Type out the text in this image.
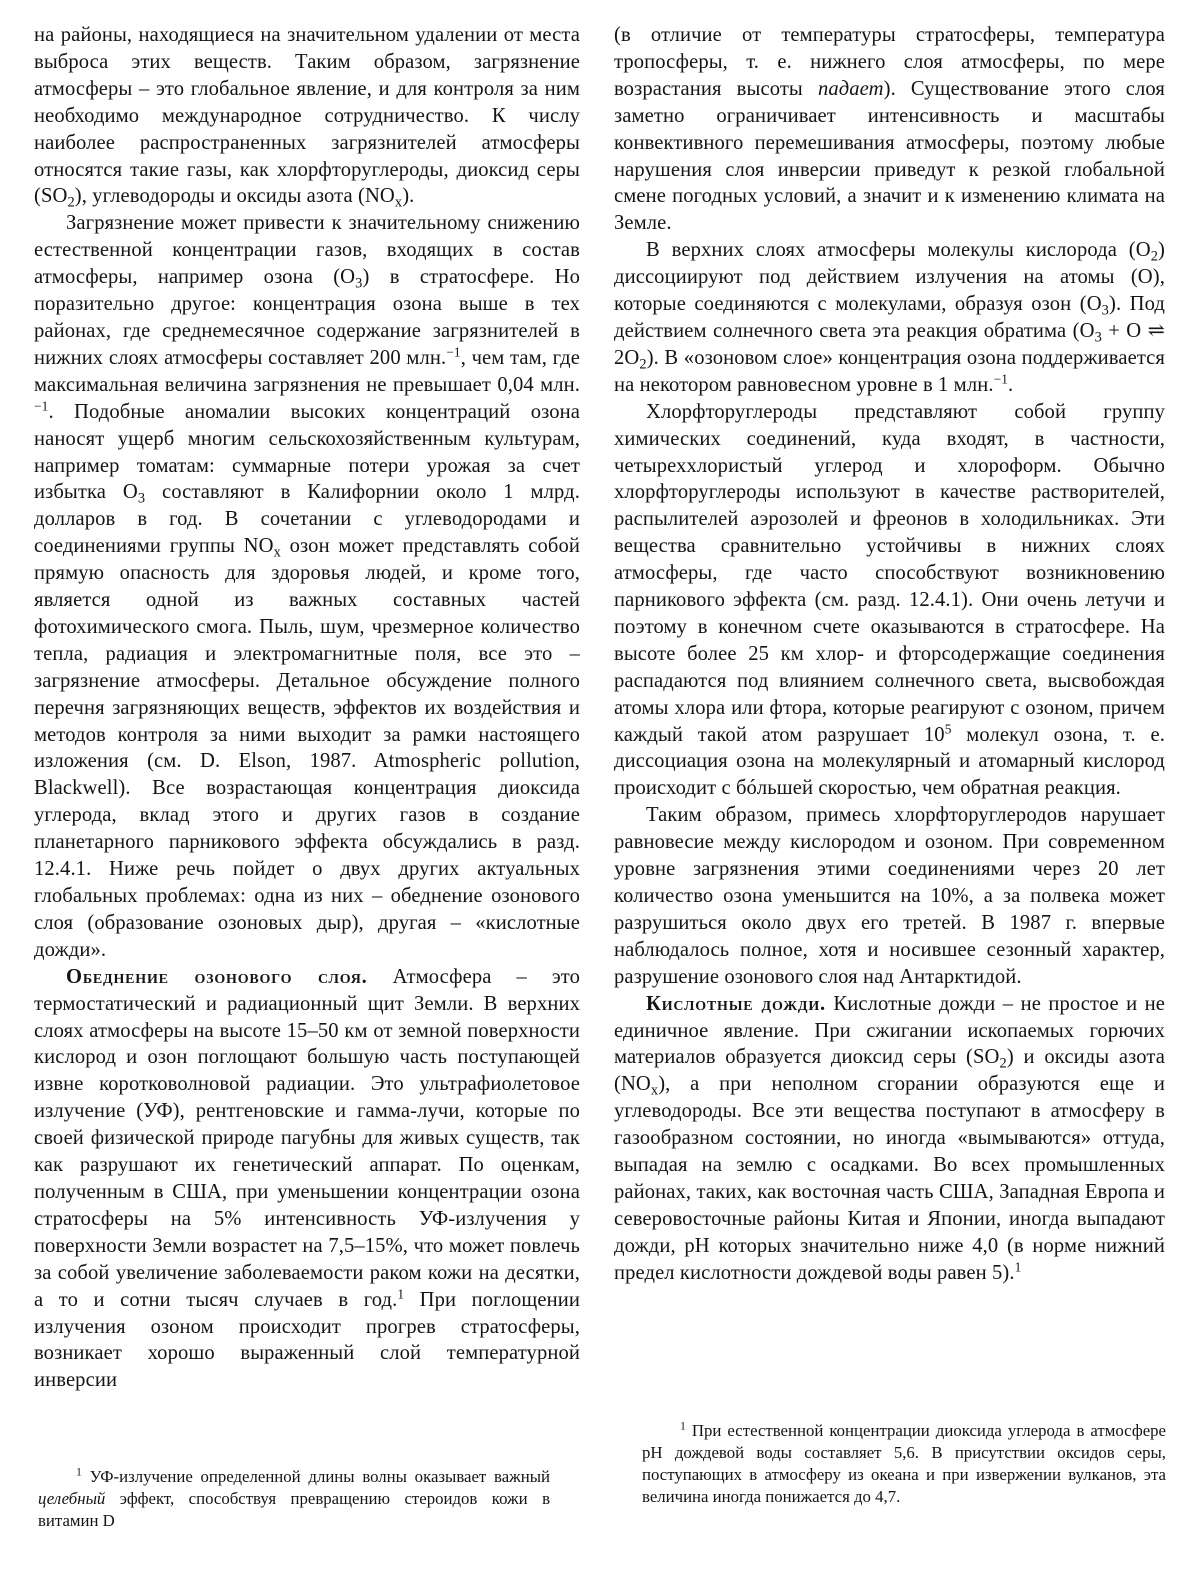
на районы, находящиеся на значительном удалении от места выброса этих веществ. Таким образом, загрязнение атмосферы – это глобальное явление, и для контроля за ним необходимо международное сотрудничество. К числу наиболее распространенных загрязнителей атмосферы относятся такие газы, как хлорфторуглероды, диоксид серы (SO2), углеводороды и оксиды азота (NOx).

Загрязнение может привести к значительному снижению естественной концентрации газов, входящих в состав атмосферы, например озона (O3) в стратосфере. Но поразительно другое: концентрация озона выше в тех районах, где среднемесячное содержание загрязнителей в нижних слоях атмосферы составляет 200 млн.−1, чем там, где максимальная величина загрязнения не превышает 0,04 млн.−1. Подобные аномалии высоких концентраций озона наносят ущерб многим сельскохозяйственным культурам, например томатам: суммарные потери урожая за счет избытка O3 составляют в Калифорнии около 1 млрд. долларов в год. В сочетании с углеводородами и соединениями группы NOx озон может представлять собой прямую опасность для здоровья людей, и кроме того, является одной из важных составных частей фотохимического смога. Пыль, шум, чрезмерное количество тепла, радиация и электромагнитные поля, все это – загрязнение атмосферы. Детальное обсуждение полного перечня загрязняющих веществ, эффектов их воздействия и методов контроля за ними выходит за рамки настоящего изложения (см. D. Elson, 1987. Atmospheric pollution, Blackwell). Все возрастающая концентрация диоксида углерода, вклад этого и других газов в создание планетарного парникового эффекта обсуждались в разд. 12.4.1. Ниже речь пойдет о двух других актуальных глобальных проблемах: одна из них – обеднение озонового слоя (образование озоновых дыр), другая – «кислотные дожди».

Обеднение озонового слоя. Атмосфера – это термостатический и радиационный щит Земли. В верхних слоях атмосферы на высоте 15–50 км от земной поверхности кислород и озон поглощают большую часть поступающей извне коротковолновой радиации. Это ультрафиолетовое излучение (УФ), рентгеновские и гамма-лучи, которые по своей физической природе пагубны для живых существ, так как разрушают их генетический аппарат. По оценкам, полученным в США, при уменьшении концентрации озона стратосферы на 5% интенсивность УФ-излучения у поверхности Земли возрастет на 7,5–15%, что может повлечь за собой увеличение заболеваемости раком кожи на десятки, а то и сотни тысяч случаев в год.1 При поглощении излучения озоном происходит прогрев стратосферы, возникает хорошо выраженный слой температурной инверсии

(в отличие от температуры стратосферы, температура тропосферы, т. е. нижнего слоя атмосферы, по мере возрастания высоты падает). Существование этого слоя заметно ограничивает интенсивность и масштабы конвективного перемешивания атмосферы, поэтому любые нарушения слоя инверсии приведут к резкой глобальной смене погодных условий, а значит и к изменению климата на Земле.

В верхних слоях атмосферы молекулы кислорода (O2) диссоциируют под действием излучения на атомы (O), которые соединяются с молекулами, образуя озон (O3). Под действием солнечного света эта реакция обратима (O3 + O ⇌ 2O2). В «озоновом слое» концентрация озона поддерживается на некотором равновесном уровне в 1 млн.−1.

Хлорфторуглероды представляют собой группу химических соединений, куда входят, в частности, четыреххлористый углерод и хлороформ. Обычно хлорфторуглероды используют в качестве растворителей, распылителей аэрозолей и фреонов в холодильниках. Эти вещества сравнительно устойчивы в нижних слоях атмосферы, где часто способствуют возникновению парникового эффекта (см. разд. 12.4.1). Они очень летучи и поэтому в конечном счете оказываются в стратосфере. На высоте более 25 км хлор- и фторсодержащие соединения распадаются под влиянием солнечного света, высвобождая атомы хлора или фтора, которые реагируют с озоном, причем каждый такой атом разрушает 105 молекул озона, т. е. диссоциация озона на молекулярный и атомарный кислород происходит с бóльшей скоростью, чем обратная реакция.

Таким образом, примесь хлорфторуглеродов нарушает равновесие между кислородом и озоном. При современном уровне загрязнения этими соединениями через 20 лет количество озона уменьшится на 10%, а за полвека может разрушиться около двух его третей. В 1987 г. впервые наблюдалось полное, хотя и носившее сезонный характер, разрушение озонового слоя над Антарктидой.

Кислотные дожди. Кислотные дожди – не простое и не единичное явление. При сжигании ископаемых горючих материалов образуется диоксид серы (SO2) и оксиды азота (NOx), а при неполном сгорании образуются еще и углеводороды. Все эти вещества поступают в атмосферу в газообразном состоянии, но иногда «вымываются» оттуда, выпадая на землю с осадками. Во всех промышленных районах, таких, как восточная часть США, Западная Европа и северовосточные районы Китая и Японии, иногда выпадают дожди, pH которых значительно ниже 4,0 (в норме нижний предел кислотности дождевой воды равен 5).1

1 УФ-излучение определенной длины волны оказывает важный целебный эффект, способствуя превращению стероидов кожи в витамин D
1 При естественной концентрации диоксида углерода в атмосфере pH дождевой воды составляет 5,6. В присутствии оксидов серы, поступающих в атмосферу из океана и при извержении вулканов, эта величина иногда понижается до 4,7.
